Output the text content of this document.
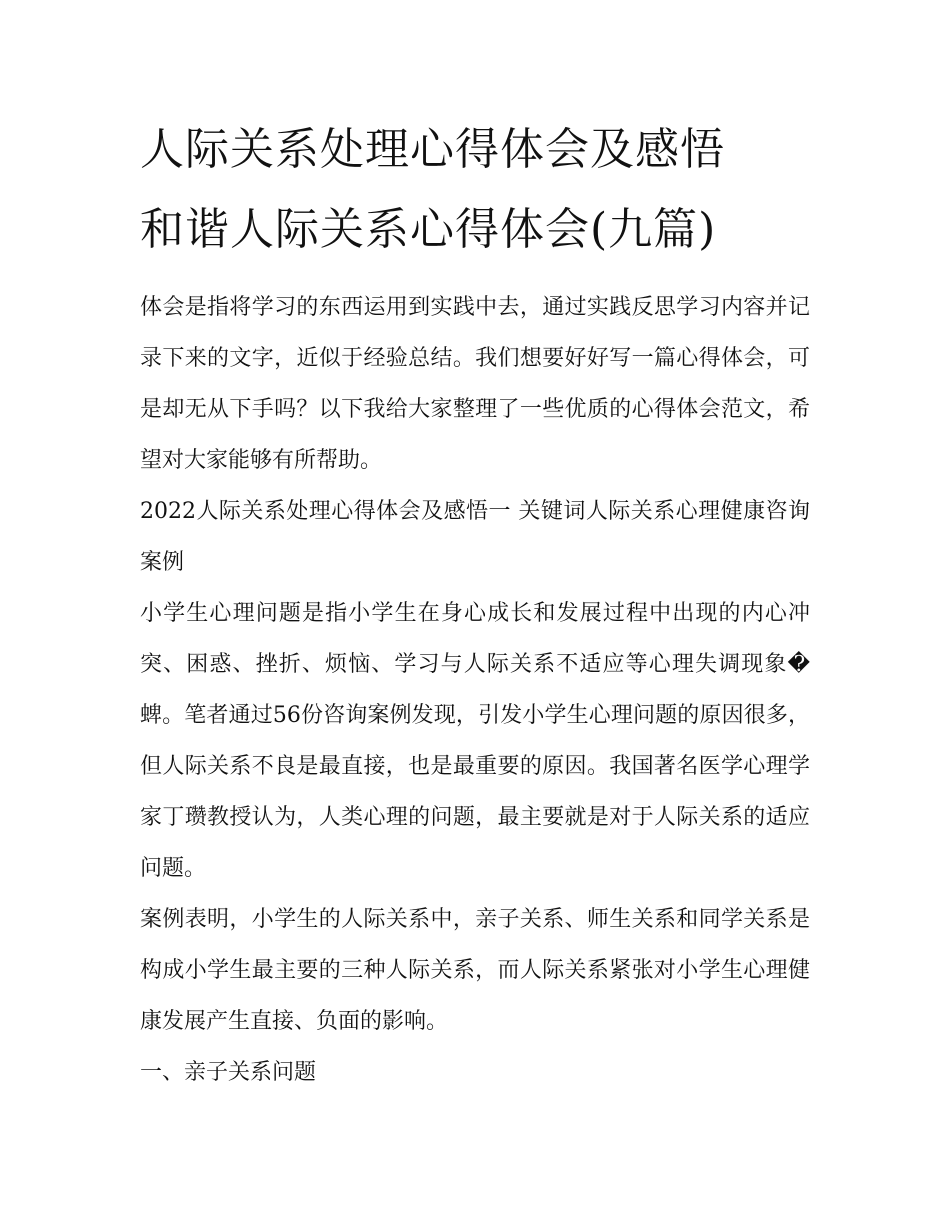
人际关系处理心得体会及感悟
和谐人际关系心得体会(九篇)

体会是指将学习的东西运用到实践中去，通过实践反思学习内容并记录下来的文字，近似于经验总结。我们想要好好写一篇心得体会，可是却无从下手吗？以下我给大家整理了一些优质的心得体会范文，希望对大家能够有所帮助。

2022人际关系处理心得体会及感悟一 关键词人际关系心理健康咨询案例

小学生心理问题是指小学生在身心成长和发展过程中出现的内心冲突、困惑、挫折、烦恼、学习与人际关系不适应等心理失调现象�蜱。笔者通过56份咨询案例发现，引发小学生心理问题的原因很多，但人际关系不良是最直接，也是最重要的原因。我国著名医学心理学家丁瓒教授认为，人类心理的问题，最主要就是对于人际关系的适应问题。

案例表明，小学生的人际关系中，亲子关系、师生关系和同学关系是构成小学生最主要的三种人际关系，而人际关系紧张对小学生心理健康发展产生直接、负面的影响。

一、亲子关系问题
